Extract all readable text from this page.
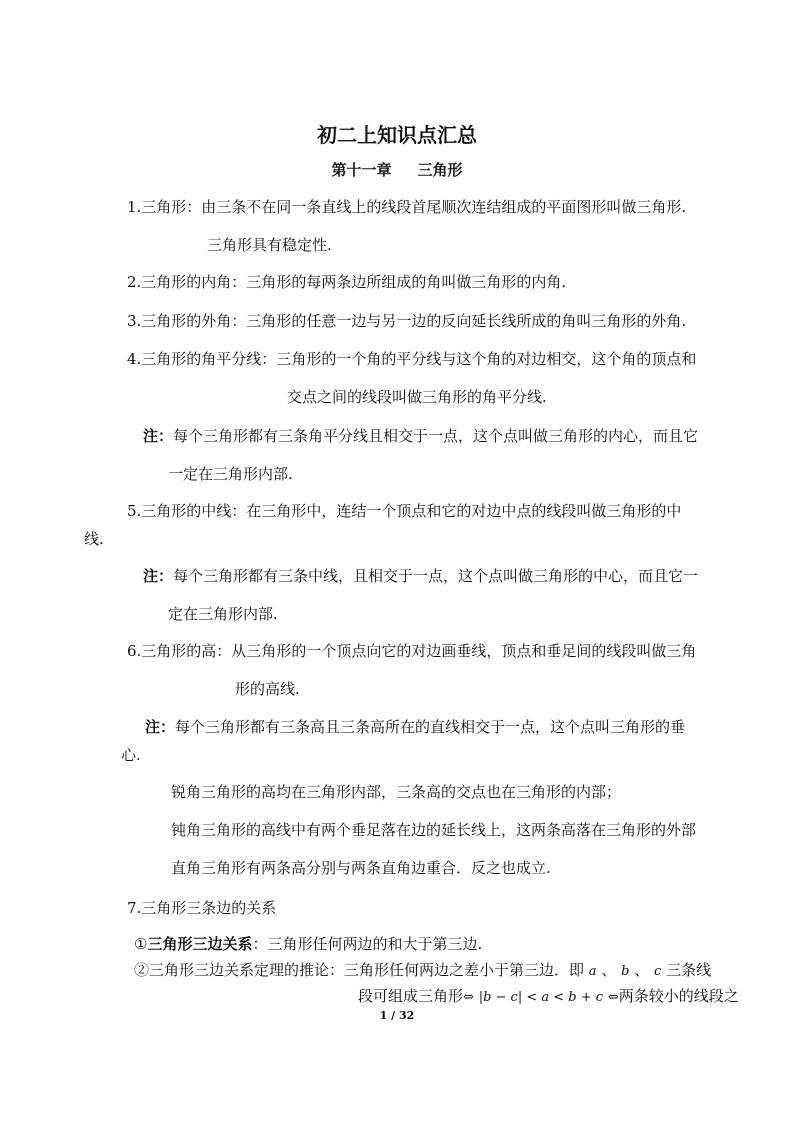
初二上知识点汇总
第十一章 三角形
1.三角形：由三条不在同一条直线上的线段首尾顺次连结组成的平面图形叫做三角形.
三角形具有稳定性.
2.三角形的内角：三角形的每两条边所组成的角叫做三角形的内角.
3.三角形的外角：三角形的任意一边与另一边的反向延长线所成的角叫三角形的外角.
4.三角形的角平分线：三角形的一个角的平分线与这个角的对边相交，这个角的顶点和
交点之间的线段叫做三角形的角平分线.
注：每个三角形都有三条角平分线且相交于一点，这个点叫做三角形的内心，而且它
一定在三角形内部.
5.三角形的中线：在三角形中，连结一个顶点和它的对边中点的线段叫做三角形的中
线.
注：每个三角形都有三条中线，且相交于一点，这个点叫做三角形的中心，而且它一
定在三角形内部.
6.三角形的高：从三角形的一个顶点向它的对边画垂线，顶点和垂足间的线段叫做三角
形的高线.
注：每个三角形都有三条高且三条高所在的直线相交于一点，这个点叫三角形的垂
心.
锐角三角形的高均在三角形内部，三条高的交点也在三角形的内部；
钝角三角形的高线中有两个垂足落在边的延长线上，这两条高落在三角形的外部
直角三角形有两条高分别与两条直角边重合．反之也成立.
7.三角形三条边的关系
①三角形三边关系：三角形任何两边的和大于第三边.
②三角形三边关系定理的推论：三角形任何两边之差小于第三边．即 a 、 b 、 c 三条线
段可组成三角形⇔ |b − c| < a < b + c ⇔两条较小的线段之
1 / 32
